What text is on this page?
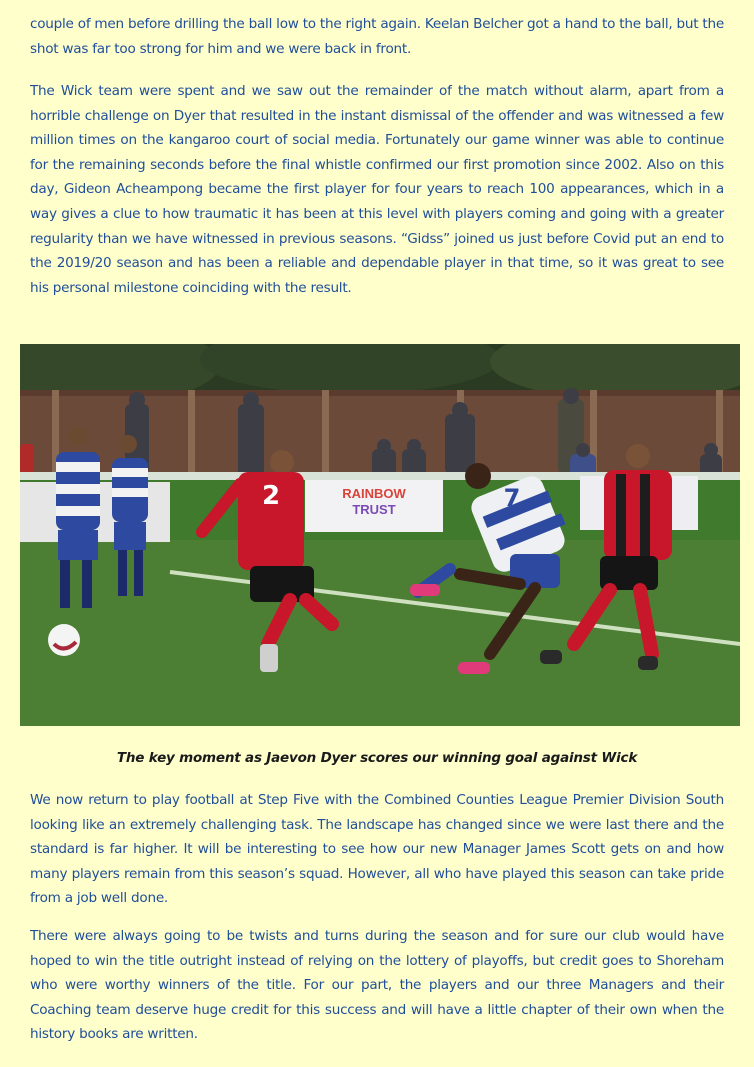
couple of men before drilling the ball low to the right again. Keelan Belcher got a hand to the ball, but the shot was far too strong for him and we were back in front.

The Wick team were spent and we saw out the remainder of the match without alarm, apart from a horrible challenge on Dyer that resulted in the instant dismissal of the offender and was witnessed a few million times on the kangaroo court of social media. Fortunately our game winner was able to continue for the remaining seconds before the final whistle confirmed our first promotion since 2002. Also on this day, Gideon Acheampong became the first player for four years to reach 100 appearances, which in a way gives a clue to how traumatic it has been at this level with players coming and going with a greater regularity than we have witnessed in previous seasons. “Gidss” joined us just before Covid put an end to the 2019/20 season and has been a reliable and dependable player in that time, so it was great to see his personal milestone coinciding with the result.

RAINBOW
TRUST
2	7

The key moment as Jaevon Dyer scores our winning goal against Wick

We now return to play football at Step Five with the Combined Counties League Premier Division South looking like an extremely challenging task. The landscape has changed since we were last there and the standard is far higher. It will be interesting to see how our new Manager James Scott gets on and how many players remain from this season’s squad. However, all who have played this season can take pride from a job well done.

There were always going to be twists and turns during the season and for sure our club would have hoped to win the title outright instead of relying on the lottery of playoffs, but credit goes to Shoreham who were worthy winners of the title. For our part, the players and our three Managers and their Coaching team deserve huge credit for this success and will have a little chapter of their own when the history books are written.
